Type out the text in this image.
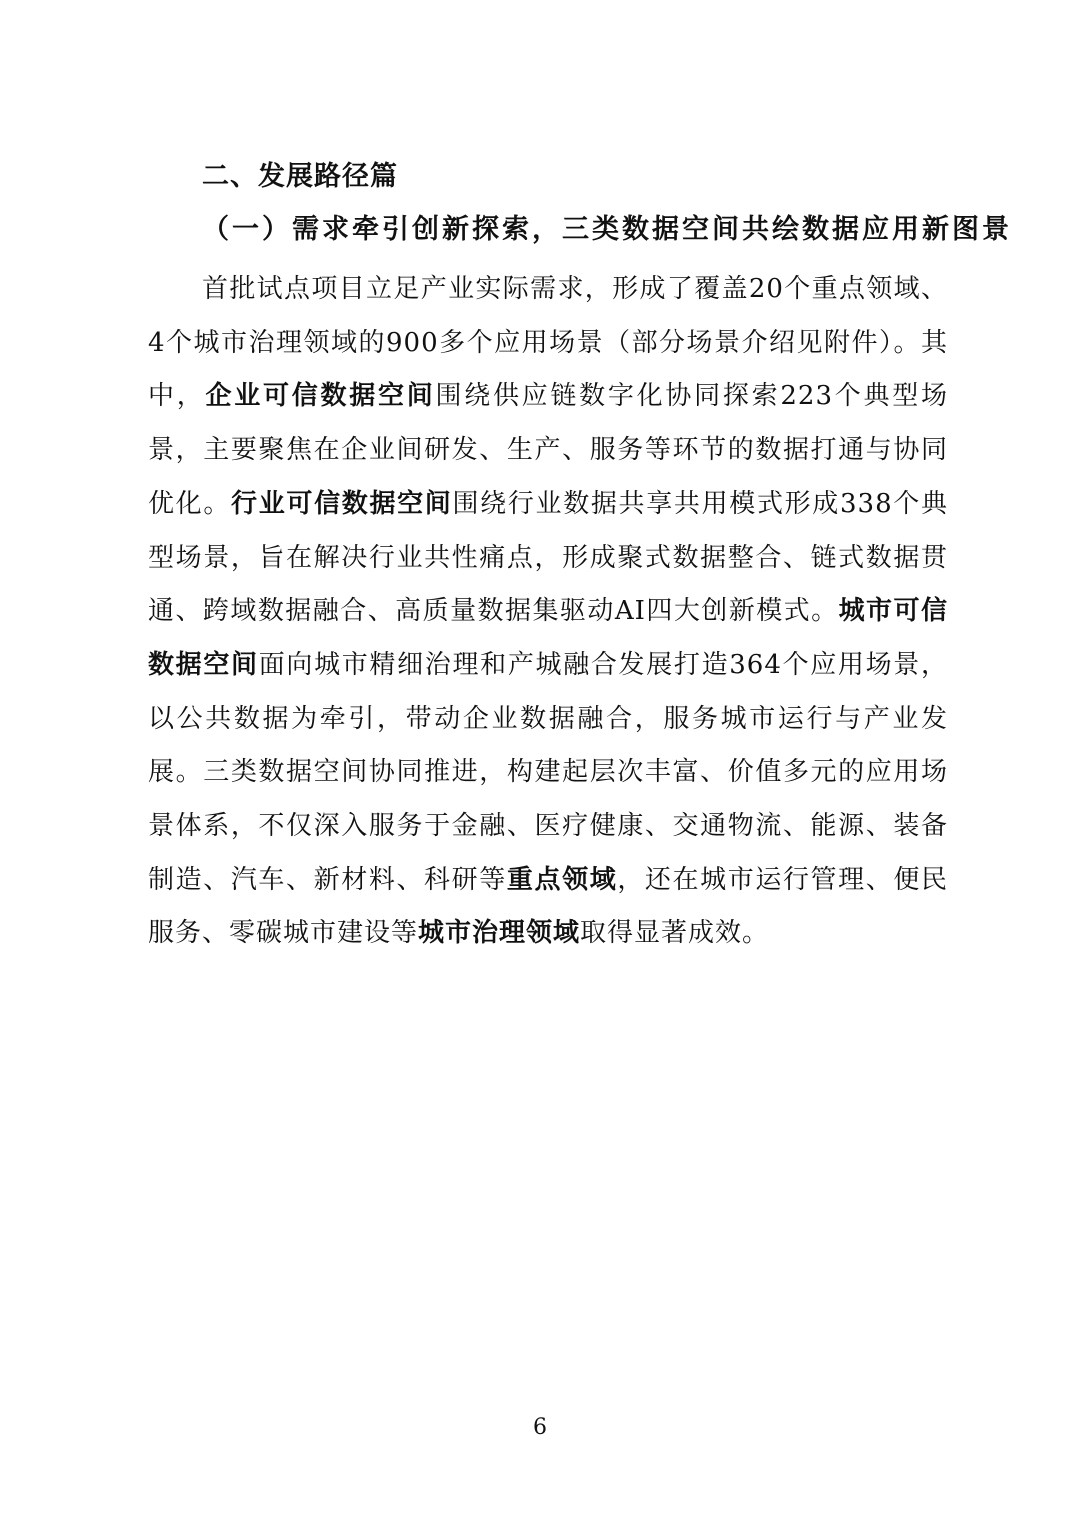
二、发展路径篇
（一）需求牵引创新探索，三类数据空间共绘数据应用新图景

首批试点项目立足产业实际需求，形成了覆盖20个重点领域、4个城市治理领域的900多个应用场景（部分场景介绍见附件）。其中，企业可信数据空间围绕供应链数字化协同探索223个典型场景，主要聚焦在企业间研发、生产、服务等环节的数据打通与协同优化。行业可信数据空间围绕行业数据共享共用模式形成338个典型场景，旨在解决行业共性痛点，形成聚式数据整合、链式数据贯通、跨域数据融合、高质量数据集驱动AI四大创新模式。城市可信数据空间面向城市精细治理和产城融合发展打造364个应用场景，以公共数据为牵引，带动企业数据融合，服务城市运行与产业发展。三类数据空间协同推进，构建起层次丰富、价值多元的应用场景体系，不仅深入服务于金融、医疗健康、交通物流、能源、装备制造、汽车、新材料、科研等重点领域，还在城市运行管理、便民服务、零碳城市建设等城市治理领域取得显著成效。

6
